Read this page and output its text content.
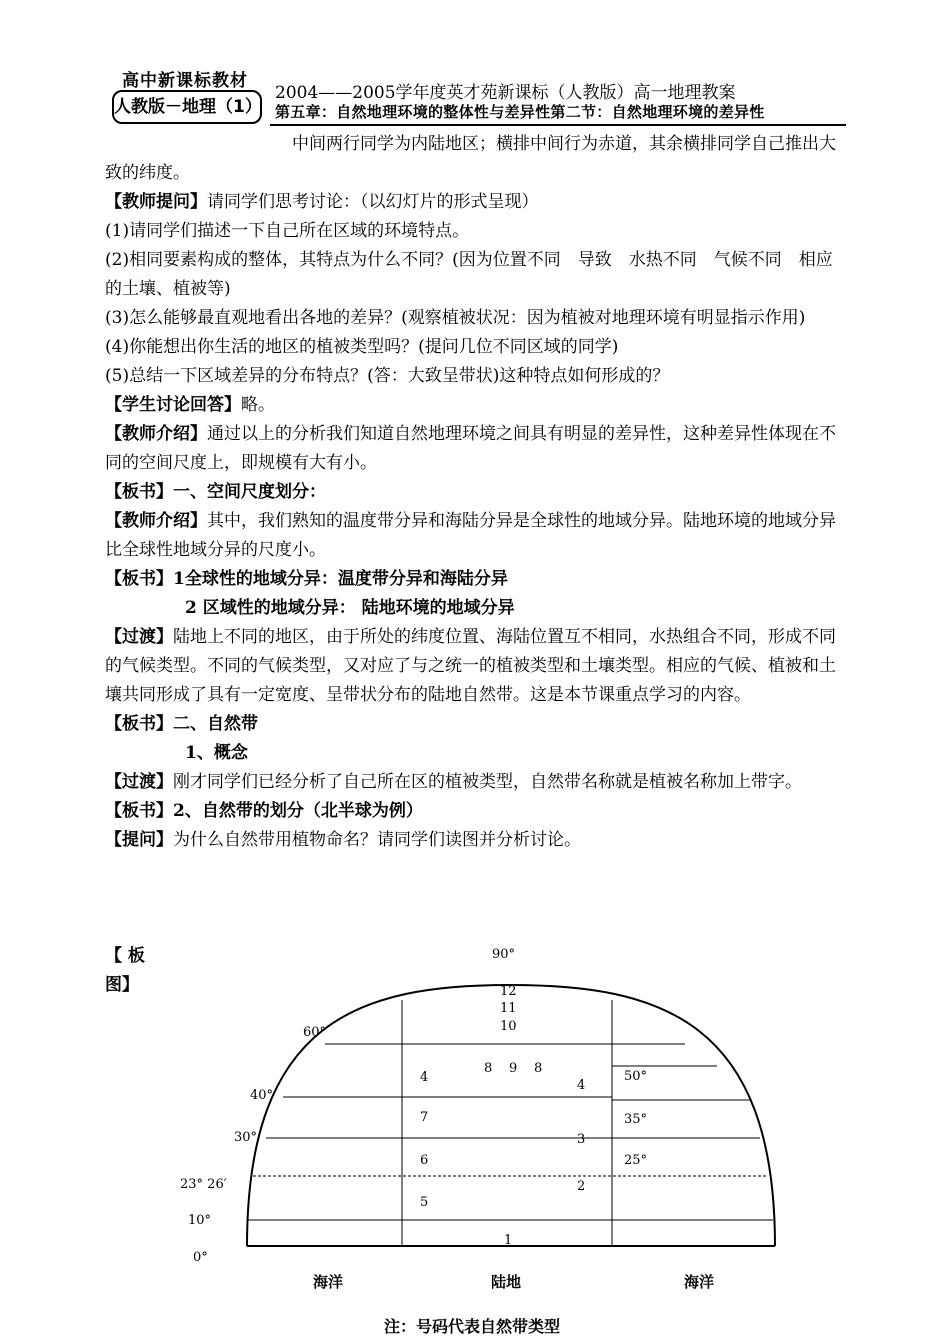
高中新课标教材
人教版－地理（1）
2004——2005学年度英才苑新课标（人教版）高一地理教案
第五章：自然地理环境的整体性与差异性第二节：自然地理环境的差异性

中间两行同学为内陆地区；横排中间行为赤道，其余横排同学自己推出大致的纬度。

【教师提问】请同学们思考讨论：（以幻灯片的形式呈现）

(1)请同学们描述一下自己所在区域的环境特点。

(2)相同要素构成的整体，其特点为什么不同？(因为位置不同　导致　水热不同　气候不同　相应的土壤、植被等)

(3)怎么能够最直观地看出各地的差异？(观察植被状况：因为植被对地理环境有明显指示作用)

(4)你能想出你生活的地区的植被类型吗？(提问几位不同区域的同学)

(5)总结一下区域差异的分布特点？(答：大致呈带状)这种特点如何形成的？

【学生讨论回答】略。

【教师介绍】通过以上的分析我们知道自然地理环境之间具有明显的差异性，这种差异性体现在不同的空间尺度上，即规模有大有小。

【板书】一、空间尺度划分：

【教师介绍】其中，我们熟知的温度带分异和海陆分异是全球性的地域分异。陆地环境的地域分异比全球性地域分异的尺度小。

【板书】1全球性的地域分异：温度带分异和海陆分异

2 区域性的地域分异： 陆地环境的地域分异

【过渡】陆地上不同的地区，由于所处的纬度位置、海陆位置互不相同，水热组合不同，形成不同的气候类型。不同的气候类型，又对应了与之统一的植被类型和土壤类型。相应的气候、植被和土壤共同形成了具有一定宽度、呈带状分布的陆地自然带。这是本节课重点学习的内容。

【板书】二、自然带

1、概念

【过渡】刚才同学们已经分析了自己所在区的植被类型，自然带名称就是植被名称加上带字。

【板书】2、自然带的划分（北半球为例）

【提问】为什么自然带用植物命名？请同学们读图并分析讨论。

【 板
图】
90°
60°
40°
30°
23° 26′
10°
0°
50°
35°
25°
12
11
10
8 9 8
4
4
7
3
6
2
5
1
海洋	陆地	海洋
注：号码代表自然带类型
